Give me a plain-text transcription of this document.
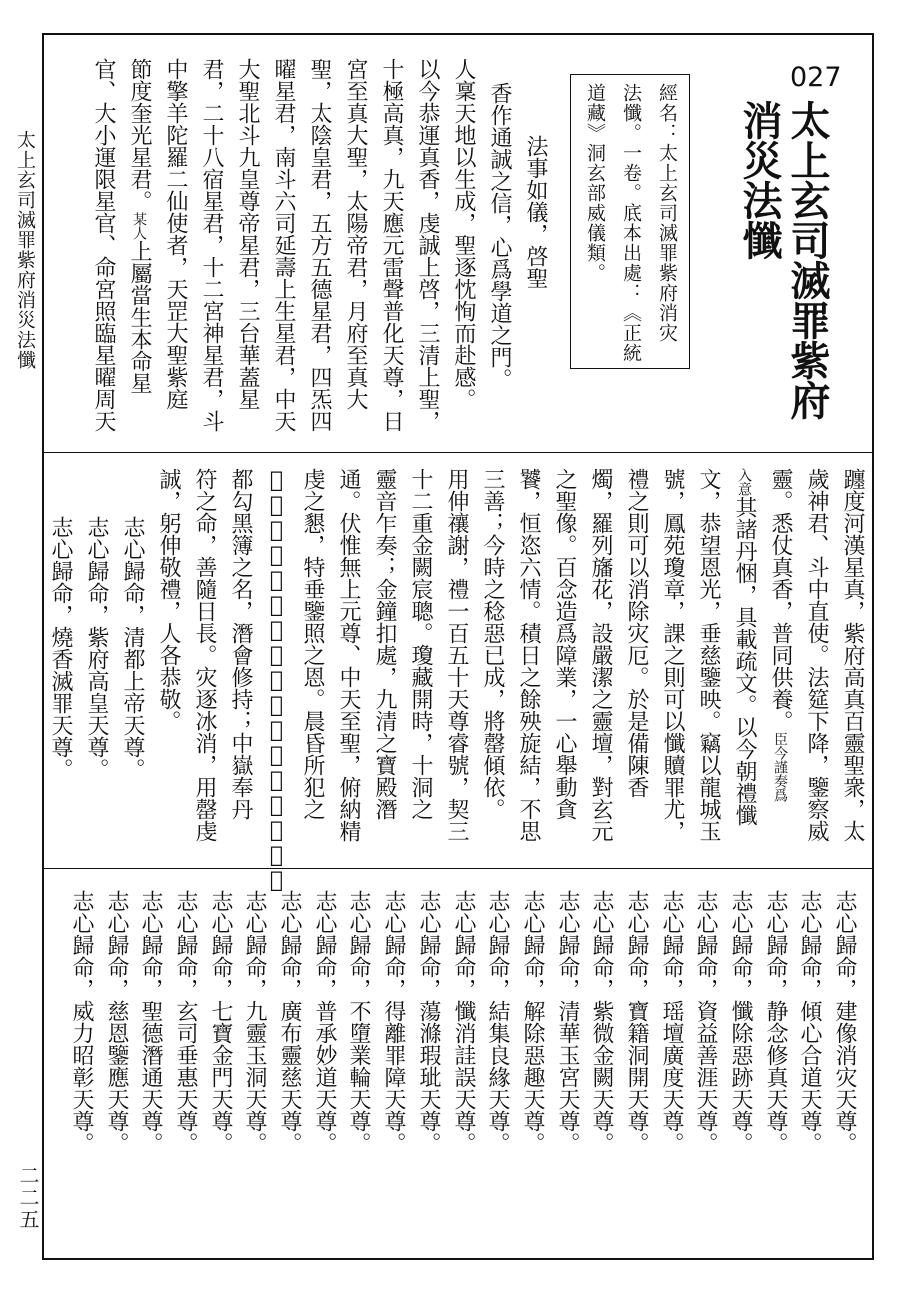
太上玄司滅罪紫府消災法懺
二二五
027
太上玄司滅罪紫府
消災法懺
經名：太上玄司滅罪紫府消灾
法懺。一卷。底本出處：《正統
道藏》洞玄部威儀類。
法事如儀，啓聖
香作通誠之信，心爲學道之門。
人稟天地以生成，聖逐忱恂而赴感。
以今恭運真香，虔誠上啓，三清上聖，
十極高真，九天應元雷聲普化天尊，日
宮至真大聖，太陽帝君，月府至真大
聖，太陰皇君，五方五德星君，四炁四
曜星君，南斗六司延壽上生星君，中天
大聖北斗九皇尊帝星君，三台華蓋星
君，二十八宿星君，十二宮神星君，斗
中擎羊陀羅二仙使者，天罡大聖紫庭
節度奎光星君。某人上屬當生本命星
官、大小運限星官、命宮照臨星曜周天
躔度河漢星真，紫府高真百靈聖衆，太
歲神君、斗中直使。法筵下降，鑒察威
靈。悉仗真香，普同供養。臣今謹奏爲
入意其諸丹悃，具載疏文。以今朝禮懺
文，恭望恩光，垂慈鑒映。竊以龍城玉
號，鳳苑瓊章，課之則可以懺贖罪尤，
禮之則可以消除灾厄。於是備陳香
燭，羅列旛花，設嚴潔之靈壇，對玄元
之聖像。百念造爲障業，一心舉動貪
饕，恒恣六情。積日之餘殃旋結，不思
三善；今時之稔惡已成，將罄傾依。
用伸禳謝，禮一百五十天尊睿號，契三
十二重金闕宸聰。瓊藏開時，十洞之
靈音乍奏；金鐘扣處，九清之寶殿潛
通。伏惟無上元尊、中天至聖，俯納精
虔之懇，特垂鑒照之恩。晨昏所犯之
𠎝愆，庚甲儻臨之禍害，咸蒙開度。北
都勾黑簿之名，潛會修持；中嶽奉丹
符之命，善隨日長。灾逐冰消，用罄虔
誠，躬伸敬禮，人各恭敬。
志心歸命，清都上帝天尊。
志心歸命，紫府高皇天尊。
志心歸命，燒香滅罪天尊。
志心歸命，建像消灾天尊。
志心歸命，傾心合道天尊。
志心歸命，静念修真天尊。
志心歸命，懺除惡跡天尊。
志心歸命，資益善涯天尊。
志心歸命，瑶壇廣度天尊。
志心歸命，寶籍洞開天尊。
志心歸命，紫微金闕天尊。
志心歸命，清華玉宮天尊。
志心歸命，解除惡趣天尊。
志心歸命，結集良緣天尊。
志心歸命，懺消詿誤天尊。
志心歸命，蕩滌瑕玼天尊。
志心歸命，得離罪障天尊。
志心歸命，不墮業輪天尊。
志心歸命，普承妙道天尊。
志心歸命，廣布靈慈天尊。
志心歸命，九靈玉洞天尊。
志心歸命，七寶金門天尊。
志心歸命，玄司垂惠天尊。
志心歸命，聖德潛通天尊。
志心歸命，慈恩鑒應天尊。
志心歸命，威力昭彰天尊。
